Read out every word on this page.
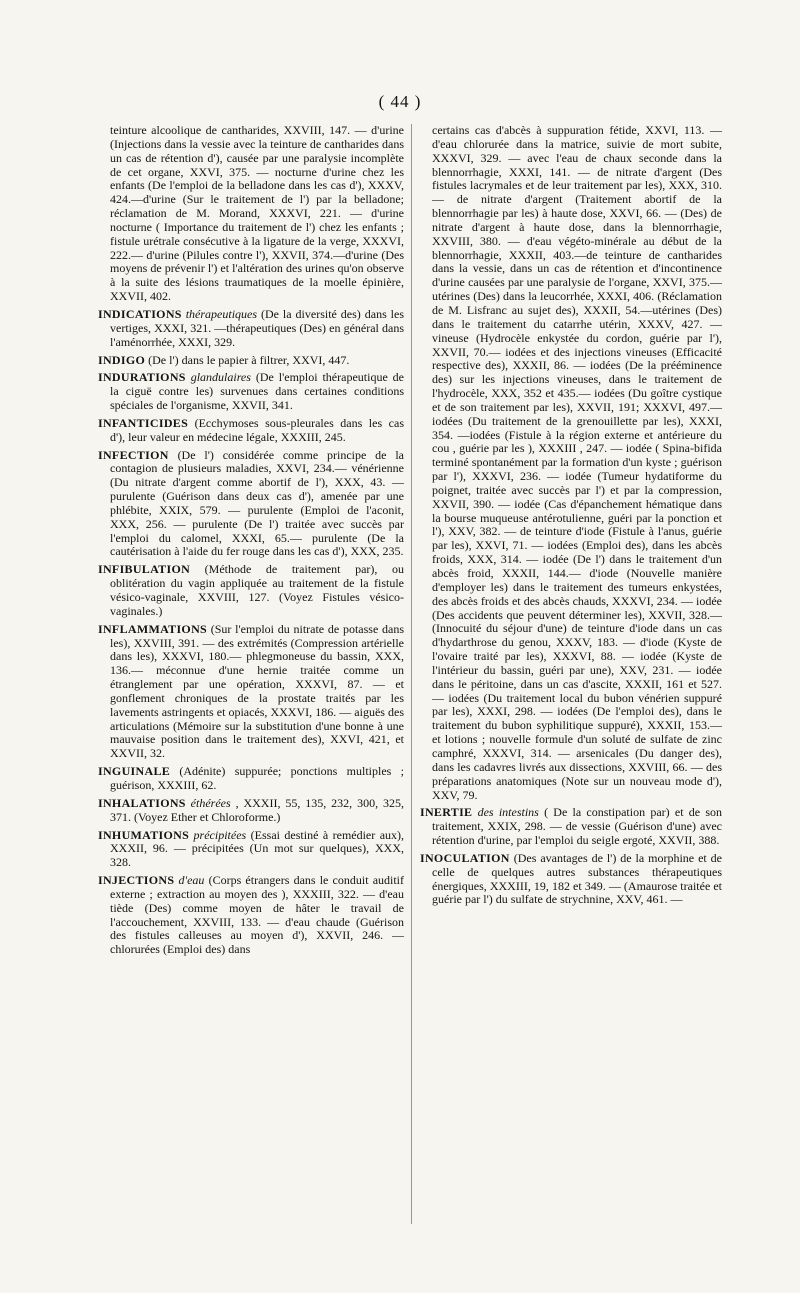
( 44 )

teinture alcoolique de cantharides, XXVIII, 147. — d'urine (Injections dans la vessie avec la teinture de cantharides dans un cas de rétention d'), causée par une paralysie incomplète de cet organe, XXVI, 375. — nocturne d'urine chez les enfants (De l'emploi de la belladone dans les cas d'), XXXV, 424.—d'urine (Sur le traitement de l') par la belladone; réclamation de M. Morand, XXXVI, 221. — d'urine nocturne ( Importance du traitement de l') chez les enfants ; fistule urétrale consécutive à la ligature de la verge, XXXVI, 222.— d'urine (Pilules contre l'), XXVII, 374.—d'urine (Des moyens de prévenir l') et l'altération des urines qu'on observe à la suite des lésions traumatiques de la moelle épinière, XXVII, 402.

INDICATIONS thérapeutiques (De la diversité des) dans les vertiges, XXXI, 321. —thérapeutiques (Des) en général dans l'aménorrhée, XXXI, 329.

INDIGO (De l') dans le papier à filtrer, XXVI, 447.

INDURATIONS glandulaires (De l'emploi thérapeutique de la ciguë contre les) survenues dans certaines conditions spéciales de l'organisme, XXVII, 341.

INFANTICIDES (Ecchymoses sous-pleurales dans les cas d'), leur valeur en médecine légale, XXXIII, 245.

INFECTION (De l') considérée comme principe de la contagion de plusieurs maladies, XXVI, 234.— vénérienne (Du nitrate d'argent comme abortif de l'), XXX, 43. — purulente (Guérison dans deux cas d'), amenée par une phlébite, XXIX, 579. — purulente (Emploi de l'aconit, XXX, 256. — purulente (De l') traitée avec succès par l'emploi du calomel, XXXI, 65.— purulente (De la cautérisation à l'aide du fer rouge dans les cas d'), XXX, 235.

INFIBULATION (Méthode de traitement par), ou oblitération du vagin appliquée au traitement de la fistule vésico-vaginale, XXVIII, 127. (Voyez Fistules vésico-vaginales.)

INFLAMMATIONS (Sur l'emploi du nitrate de potasse dans les), XXVIII, 391. — des extrémités (Compression artérielle dans les), XXXVI, 180.— phlegmoneuse du bassin, XXX, 136.— méconnue d'une hernie traitée comme un étranglement par une opération, XXXVI, 87. — et gonflement chroniques de la prostate traités par les lavements astringents et opiacés, XXXVI, 186. — aiguës des articulations (Mémoire sur la substitution d'une bonne à une mauvaise position dans le traitement des), XXVI, 421, et XXVII, 32.

INGUINALE (Adénite) suppurée; ponctions multiples ; guérison, XXXIII, 62.

INHALATIONS éthérées , XXXII, 55, 135, 232, 300, 325, 371. (Voyez Ether et Chloroforme.)

INHUMATIONS précipitées (Essai destiné à remédier aux), XXXII, 96. — précipitées (Un mot sur quelques), XXX, 328.

INJECTIONS d'eau (Corps étrangers dans le conduit auditif externe ; extraction au moyen des ), XXXIII, 322. — d'eau tiède (Des) comme moyen de hâter le travail de l'accouchement, XXVIII, 133. — d'eau chaude (Guérison des fistules calleuses au moyen d'), XXVII, 246. — chlorurées (Emploi des) dans

certains cas d'abcès à suppuration fétide, XXVI, 113. — d'eau chlorurée dans la matrice, suivie de mort subite, XXXVI, 329. — avec l'eau de chaux seconde dans la blennorrhagie, XXXI, 141. — de nitrate d'argent (Des fistules lacrymales et de leur traitement par les), XXX, 310. — de nitrate d'argent (Traitement abortif de la blennorrhagie par les) à haute dose, XXVI, 66. — (Des) de nitrate d'argent à haute dose, dans la blennorrhagie, XXVIII, 380. — d'eau végéto-minérale au début de la blennorrhagie, XXXII, 403.—de teinture de cantharides dans la vessie, dans un cas de rétention et d'incontinence d'urine causées par une paralysie de l'organe, XXVI, 375.—utérines (Des) dans la leucorrhée, XXXI, 406. (Réclamation de M. Lisfranc au sujet des), XXXII, 54.—utérines (Des) dans le traitement du catarrhe utérin, XXXV, 427. — vineuse (Hydrocèle enkystée du cordon, guérie par l'), XXVII, 70.— iodées et des injections vineuses (Efficacité respective des), XXXII, 86. — iodées (De la prééminence des) sur les injections vineuses, dans le traitement de l'hydrocèle, XXX, 352 et 435.— iodées (Du goître cystique et de son traitement par les), XXVII, 191; XXXVI, 497.— iodées (Du traitement de la grenouillette par les), XXXI, 354. —iodées (Fistule à la région externe et antérieure du cou , guérie par les ), XXXIII , 247. — iodée ( Spina-bifida terminé spontanément par la formation d'un kyste ; guérison par l'), XXXVI, 236. — iodée (Tumeur hydatiforme du poignet, traitée avec succès par l') et par la compression, XXVII, 390. — iodée (Cas d'épanchement hématique dans la bourse muqueuse antérotulienne, guéri par la ponction et l'), XXV, 382. — de teinture d'iode (Fistule à l'anus, guérie par les), XXVI, 71. — iodées (Emploi des), dans les abcès froids, XXX, 314. — iodée (De l') dans le traitement d'un abcès froid, XXXII, 144.— d'iode (Nouvelle manière d'employer les) dans le traitement des tumeurs enkystées, des abcès froids et des abcès chauds, XXXVI, 234. — iodée (Des accidents que peuvent déterminer les), XXVII, 328.— (Innocuité du séjour d'une) de teinture d'iode dans un cas d'hydarthrose du genou, XXXV, 183. — d'iode (Kyste de l'ovaire traité par les), XXXVI, 88. — iodée (Kyste de l'intérieur du bassin, guéri par une), XXV, 231. — iodée dans le péritoine, dans un cas d'ascite, XXXII, 161 et 527. — iodées (Du traitement local du bubon vénérien suppuré par les), XXXI, 298. — iodées (De l'emploi des), dans le traitement du bubon syphilitique suppuré), XXXII, 153.— et lotions ; nouvelle formule d'un soluté de sulfate de zinc camphré, XXXVI, 314. — arsenicales (Du danger des), dans les cadavres livrés aux dissections, XXVIII, 66. — des préparations anatomiques (Note sur un nouveau mode d'), XXV, 79.

INERTIE des intestins ( De la constipation par) et de son traitement, XXIX, 298. — de vessie (Guérison d'une) avec rétention d'urine, par l'emploi du seigle ergoté, XXVII, 388.

INOCULATION (Des avantages de l') de la morphine et de celle de quelques autres substances thérapeutiques énergiques, XXXIII, 19, 182 et 349. — (Amaurose traitée et guérie par l') du sulfate de strychnine, XXV, 461. —
